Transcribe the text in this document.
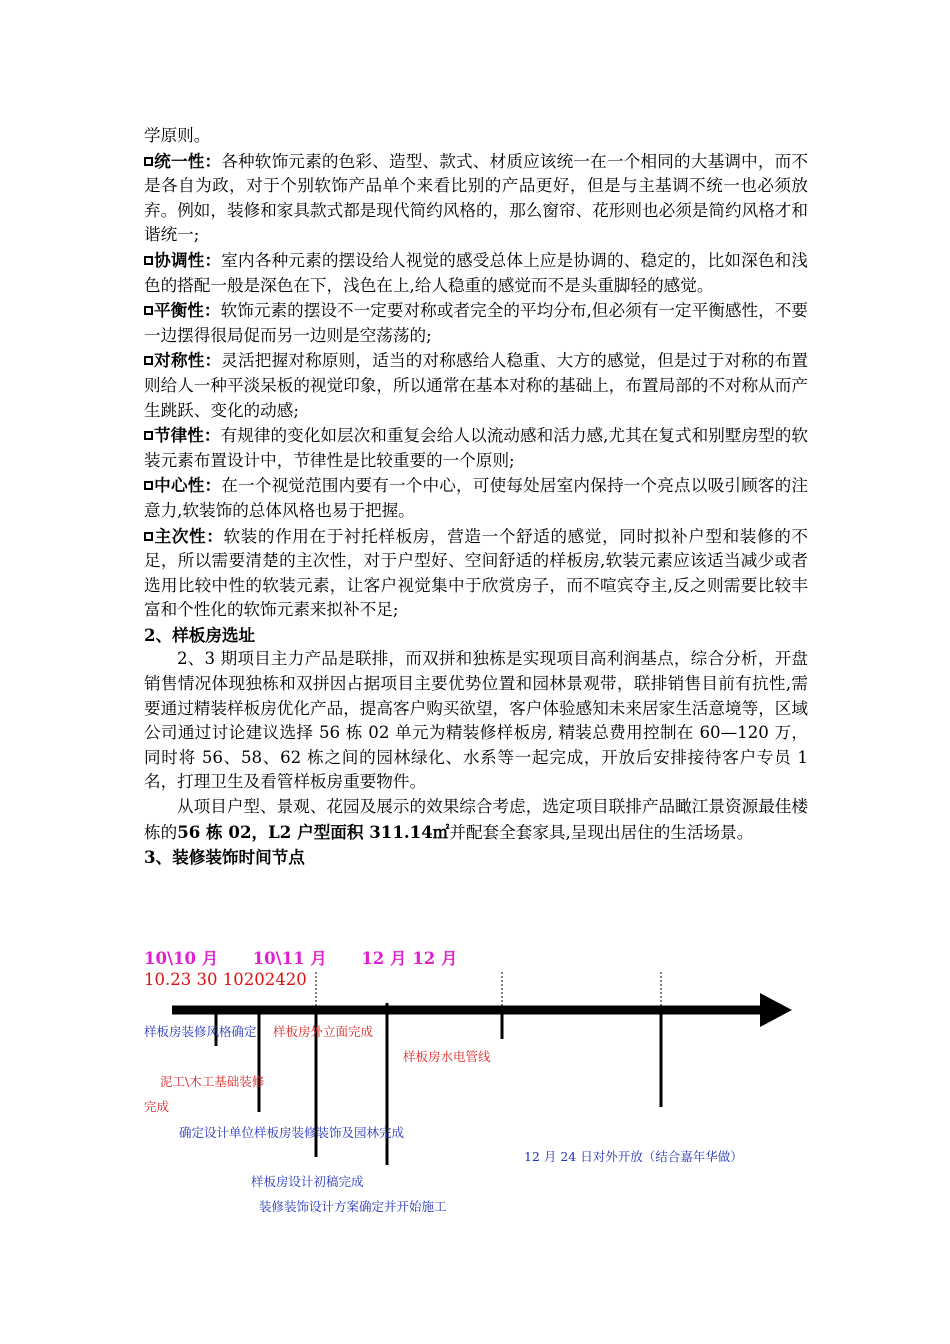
学原则。

统一性：各种软饰元素的色彩、造型、款式、材质应该统一在一个相同的大基调中，而不是各自为政，对于个别软饰产品单个来看比别的产品更好，但是与主基调不统一也必须放弃。例如，装修和家具款式都是现代简约风格的，那么窗帘、花形则也必须是简约风格才和谐统一;

协调性：室内各种元素的摆设给人视觉的感受总体上应是协调的、稳定的，比如深色和浅色的搭配一般是深色在下，浅色在上,给人稳重的感觉而不是头重脚轻的感觉。

平衡性：软饰元素的摆设不一定要对称或者完全的平均分布,但必须有一定平衡感性，不要一边摆得很局促而另一边则是空荡荡的;

对称性：灵活把握对称原则，适当的对称感给人稳重、大方的感觉，但是过于对称的布置则给人一种平淡呆板的视觉印象，所以通常在基本对称的基础上，布置局部的不对称从而产生跳跃、变化的动感;

节律性：有规律的变化如层次和重复会给人以流动感和活力感,尤其在复式和别墅房型的软装元素布置设计中，节律性是比较重要的一个原则;

中心性：在一个视觉范围内要有一个中心，可使每处居室内保持一个亮点以吸引顾客的注意力,软装饰的总体风格也易于把握。

主次性：软装的作用在于衬托样板房，营造一个舒适的感觉，同时拟补户型和装修的不足，所以需要清楚的主次性，对于户型好、空间舒适的样板房,软装元素应该适当减少或者选用比较中性的软装元素，让客户视觉集中于欣赏房子，而不喧宾夺主,反之则需要比较丰富和个性化的软饰元素来拟补不足;

2、样板房选址

2、3 期项目主力产品是联排，而双拼和独栋是实现项目高利润基点，综合分析，开盘销售情况体现独栋和双拼因占据项目主要优势位置和园林景观带，联排销售目前有抗性,需要通过精装样板房优化产品，提高客户购买欲望，客户体验感知未来居家生活意境等，区域公司通过讨论建议选择 56 栋 02 单元为精装修样板房, 精装总费用控制在 60—120 万，同时将 56、58、62 栋之间的园林绿化、水系等一起完成，开放后安排接待客户专员 1 名，打理卫生及看管样板房重要物件。

从项目户型、景观、花园及展示的效果综合考虑，选定项目联排产品瞰江景资源最佳楼栋的56 栋 02，L2 户型面积 311.14㎡并配套全套家具,呈现出居住的生活场景。

3、装修装饰时间节点

10\10 月      10\11 月      12 月 12 月
10.23 30 10202420
样板房装修风格确定 样板房外立面完成
样板房水电管线
泥工\木工基础装修
完成
确定设计单位样板房装修装饰及园林完成
12 月 24 日对外开放（结合嘉年华做）
样板房设计初稿完成
装修装饰设计方案确定并开始施工
